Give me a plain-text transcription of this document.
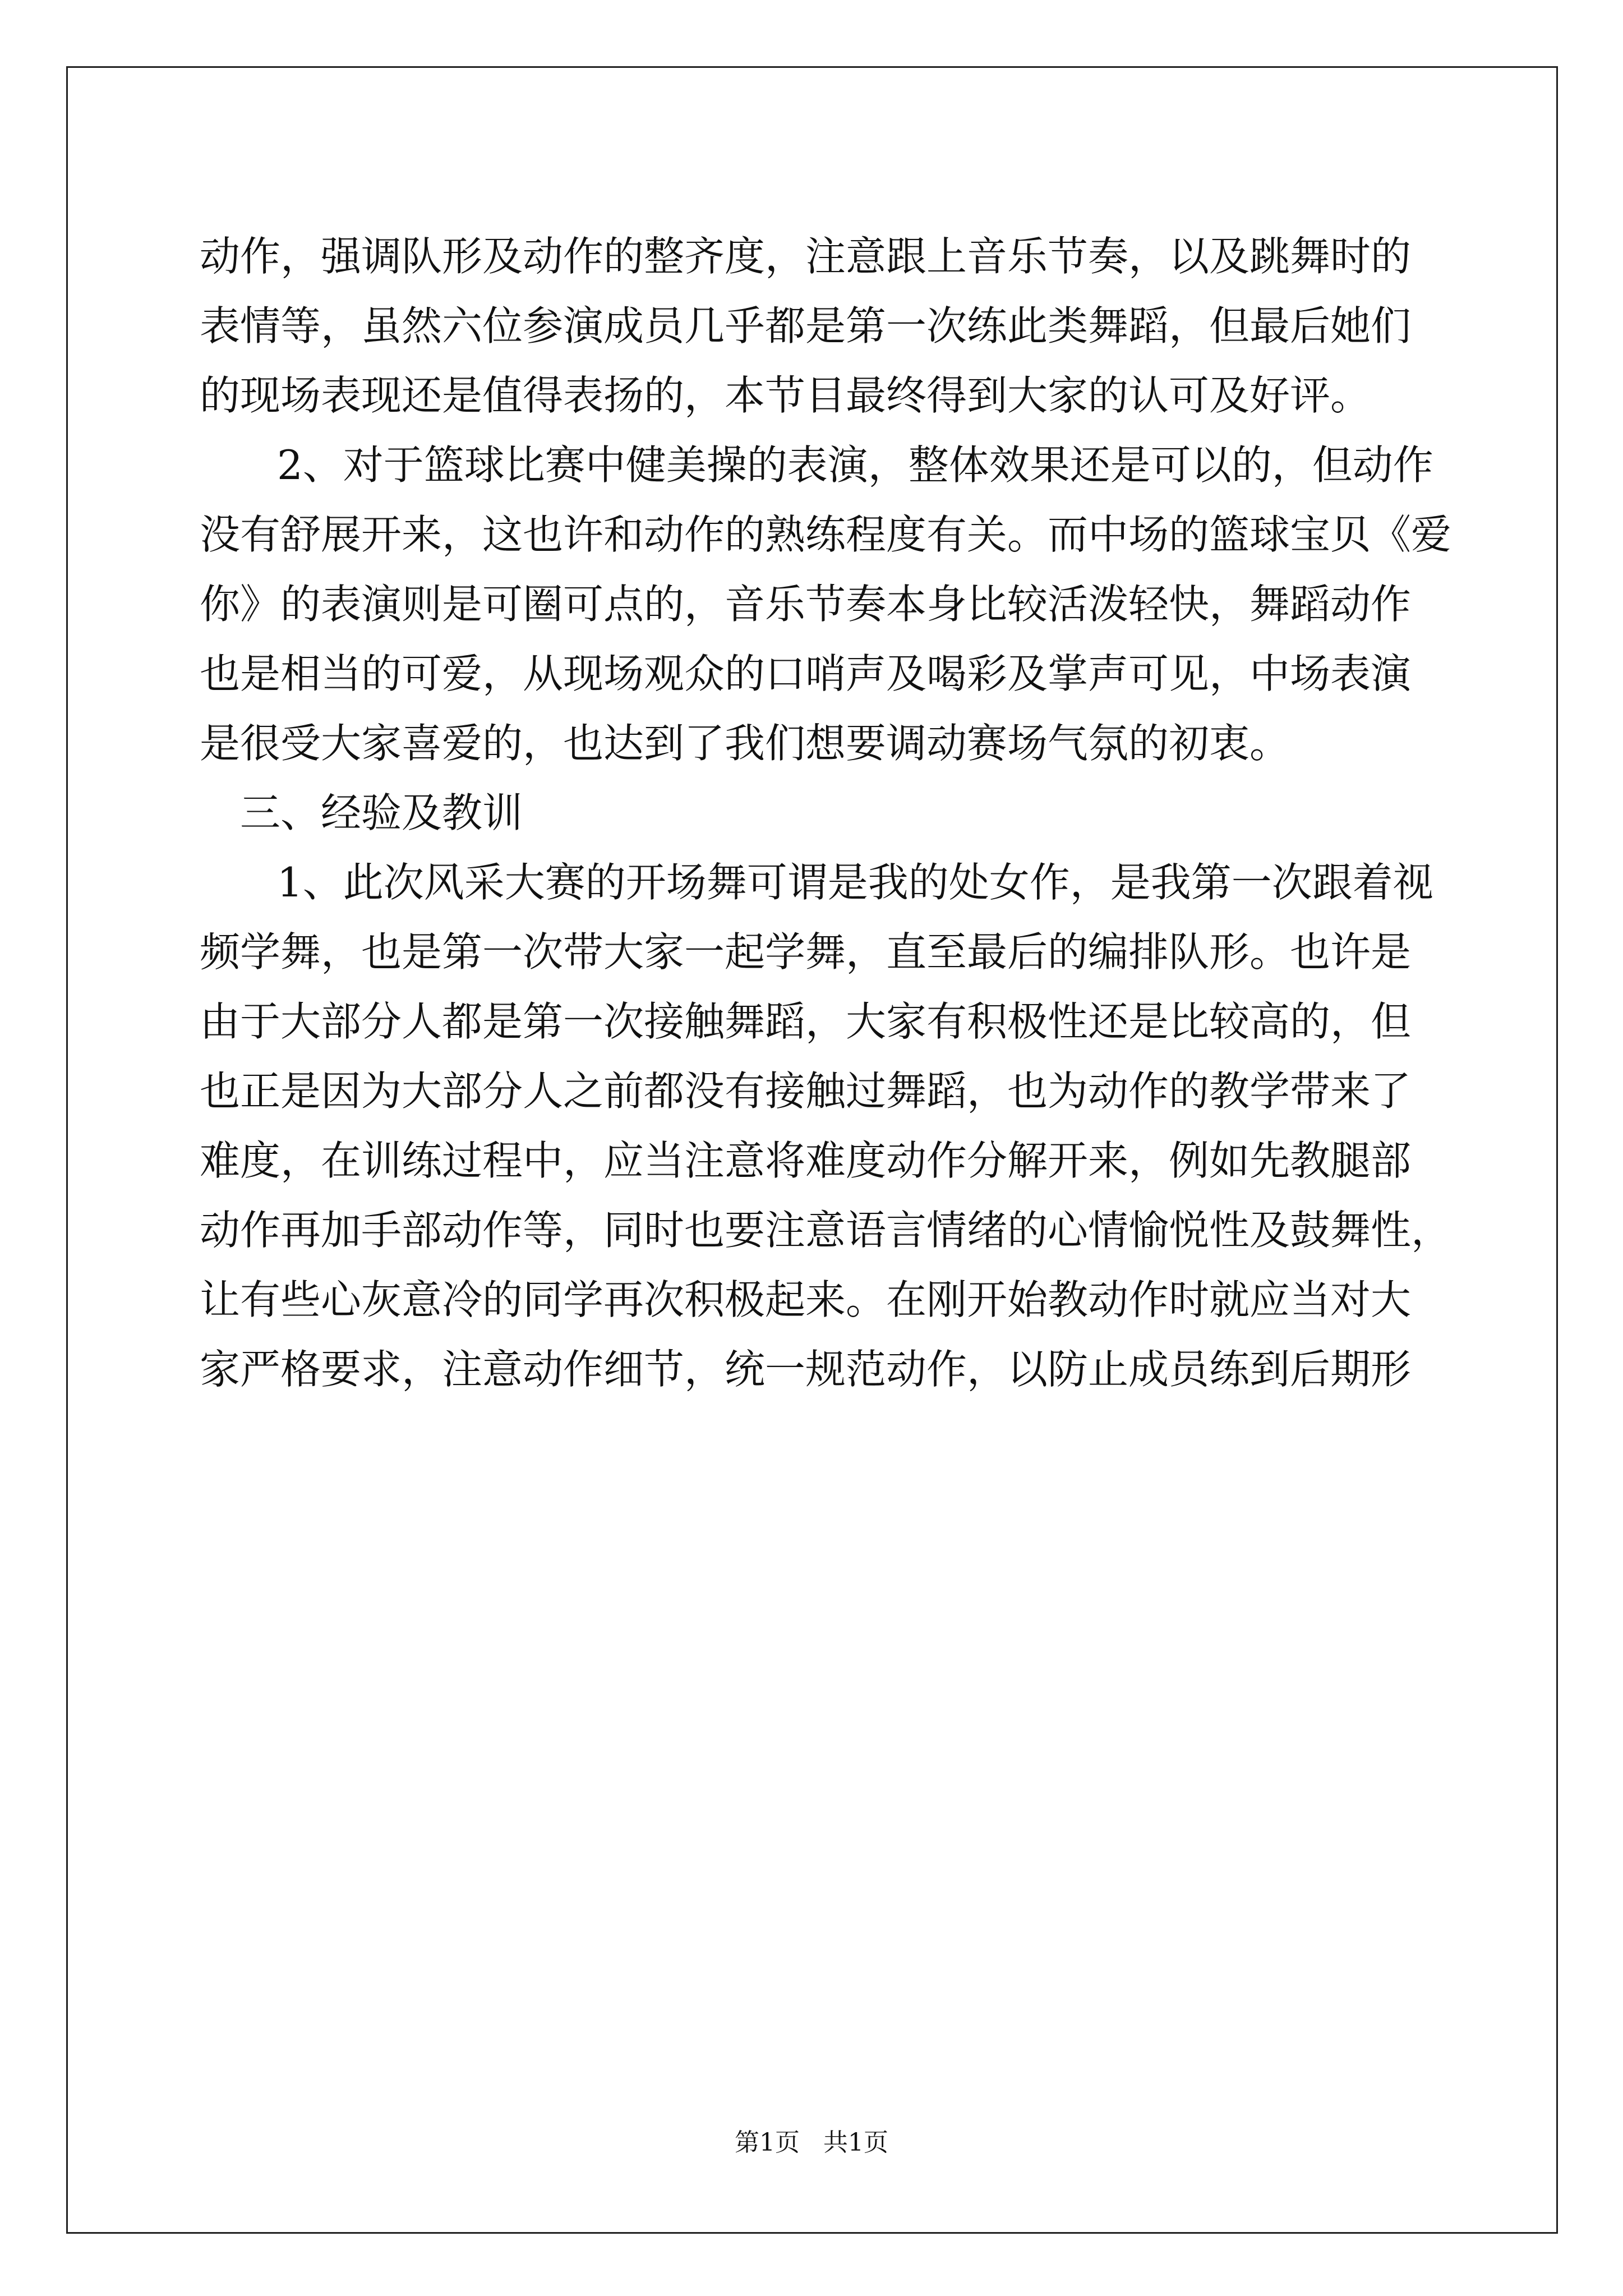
动作，强调队形及动作的整齐度，注意跟上音乐节奏，以及跳舞时的
表情等，虽然六位参演成员几乎都是第一次练此类舞蹈，但最后她们
的现场表现还是值得表扬的，本节目最终得到大家的认可及好评。
2、对于篮球比赛中健美操的表演，整体效果还是可以的，但动作
没有舒展开来，这也许和动作的熟练程度有关。而中场的篮球宝贝《爱
你》的表演则是可圈可点的，音乐节奏本身比较活泼轻快，舞蹈动作
也是相当的可爱，从现场观众的口哨声及喝彩及掌声可见，中场表演
是很受大家喜爱的，也达到了我们想要调动赛场气氛的初衷。
三、经验及教训
1、此次风采大赛的开场舞可谓是我的处女作，是我第一次跟着视
频学舞，也是第一次带大家一起学舞，直至最后的编排队形。也许是
由于大部分人都是第一次接触舞蹈，大家有积极性还是比较高的，但
也正是因为大部分人之前都没有接触过舞蹈，也为动作的教学带来了
难度，在训练过程中，应当注意将难度动作分解开来，例如先教腿部
动作再加手部动作等，同时也要注意语言情绪的心情愉悦性及鼓舞性，
让有些心灰意冷的同学再次积极起来。在刚开始教动作时就应当对大
家严格要求，注意动作细节，统一规范动作，以防止成员练到后期形
第1页   共1页
